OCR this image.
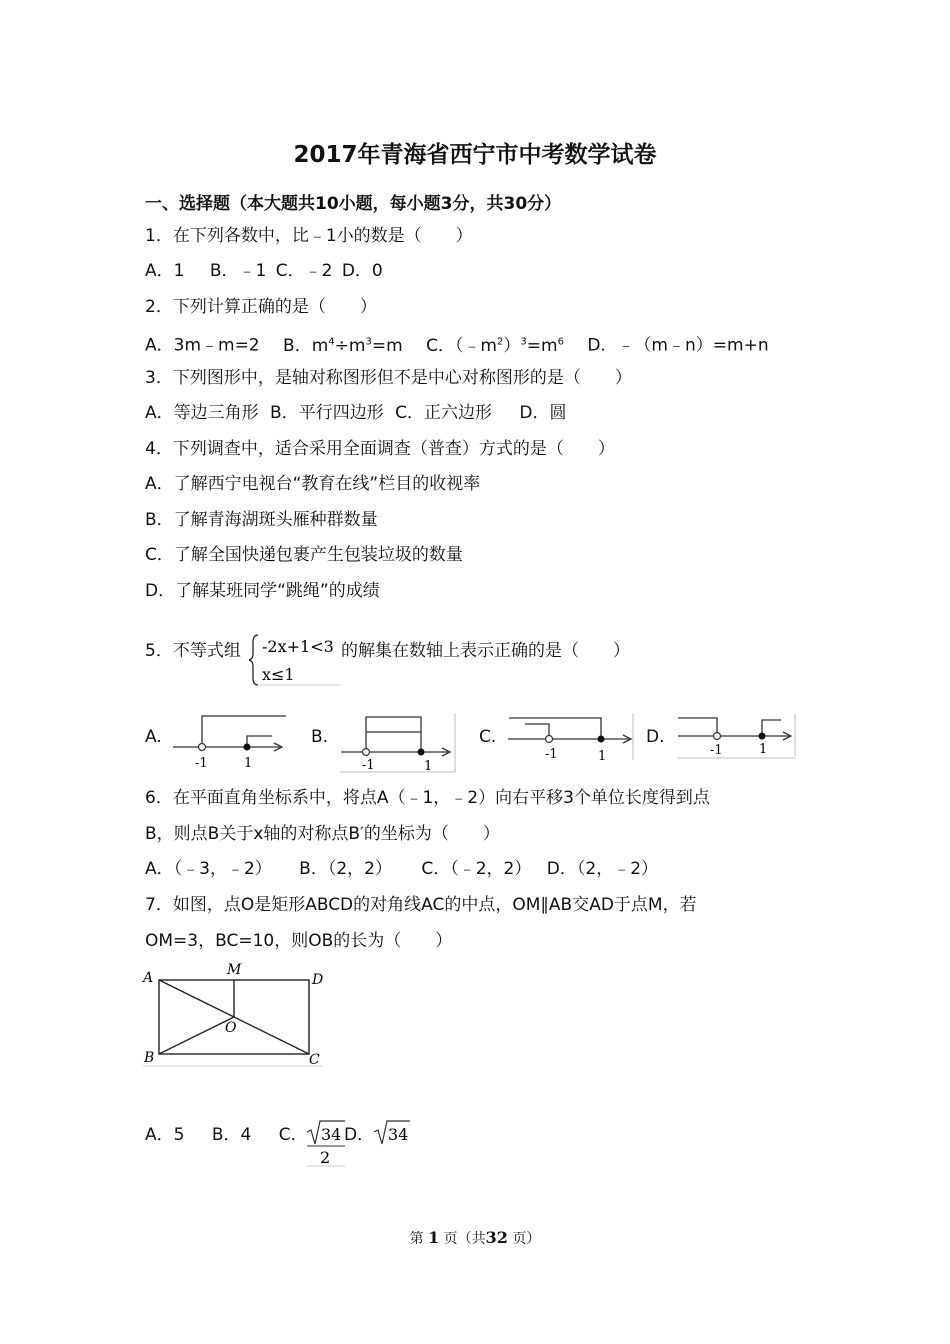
2017年青海省西宁市中考数学试卷
一、选择题（本大题共10小题，每小题3分，共30分）
1．在下列各数中，比﹣1小的数是（　　）
A．1 B．﹣1 C．﹣2 D．0
2．下列计算正确的是（　　）
A．3m﹣m=2 B．$m^4\div m^3=m$ C．$(﹣m^2)^3=m^6$ D．﹣（m﹣n）=m+n
3．下列图形中，是轴对称图形但不是中心对称图形的是（　　）
A．等边三角形 B．平行四边形 C．正六边形 D．圆
4．下列调查中，适合采用全面调查（普查）方式的是（　　）
A．了解西宁电视台“教育在线”栏目的收视率
B．了解青海湖斑头雁种群数量
C．了解全国快递包裹产生包装垃圾的数量
D．了解某班同学“跳绳”的成绩
5．不等式组 -2x+1<3
x≤1
的解集在数轴上表示正确的是（　　）
A.
-1	1
B.
-1	1
C.
-1	1
D.
-1	1
6．在平面直角坐标系中，将点A（﹣1，﹣2）向右平移3个单位长度得到点
B，则点B关于x轴的对称点B′的坐标为（　　）
A．（﹣3，﹣2） B．（2，2） C．（﹣2，2） D．（2，﹣2）
7．如图，点O是矩形ABCD的对角线AC的中点，OM∥AB交AD于点M，若
OM=3，BC=10，则OB的长为（　　）
A	M
D
O
B	C
A．5 B．4 C． 34
2
D． 34
第 1 页（共32 页）
